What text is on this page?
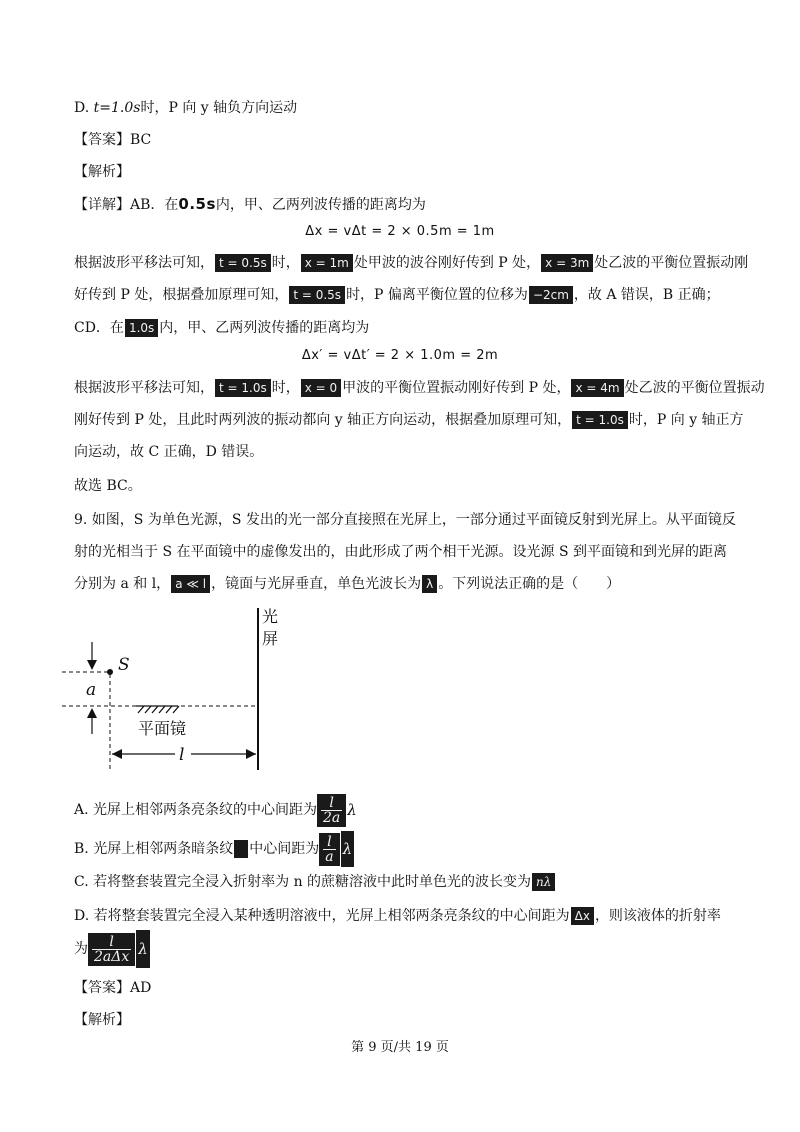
D. t=1.0s时，P 向 y 轴负方向运动
【答案】BC
【解析】
【详解】AB．在0.5s内，甲、乙两列波传播的距离均为
Δx = vΔt = 2 × 0.5m = 1m
根据波形平移法可知， t = 0.5s 时， x = 1m 处甲波的波谷刚好传到 P 处， x = 3m 处乙波的平衡位置振动刚
好传到 P 处，根据叠加原理可知， t = 0.5s 时，P 偏离平衡位置的位移为 −2cm ，故 A 错误，B 正确；
CD．在 1.0s 内，甲、乙两列波传播的距离均为
Δx′ = vΔt′ = 2 × 1.0m = 2m
根据波形平移法可知， t = 1.0s 时， x = 0 甲波的平衡位置振动刚好传到 P 处， x = 4m 处乙波的平衡位置振动
刚好传到 P 处，且此时两列波的振动都向 y 轴正方向运动，根据叠加原理可知， t = 1.0s 时，P 向 y 轴正方
向运动，故 C 正确，D 错误。
故选 BC。
9. 如图，S 为单色光源，S 发出的光一部分直接照在光屏上，一部分通过平面镜反射到光屏上。从平面镜反
射的光相当于 S 在平面镜中的虚像发出的，由此形成了两个相干光源。设光源 S 到平面镜和到光屏的距离
分别为 a 和 l， a ≪ l ，镜面与光屏垂直，单色光波长为 λ 。下列说法正确的是（　　）
光
屏
S
a
平面镜
l
A. 光屏上相邻两条亮条纹的中心间距为 $\frac{l}{2a}$ λ
B. 光屏上相邻两条暗条纹 中心间距为 $\frac{l}{a}$ λ
C. 若将整套装置完全浸入折射率为 n 的蔗糖溶液中此时单色光的波长变为 nλ
D. 若将整套装置完全浸入某种透明溶液中，光屏上相邻两条亮条纹的中心间距为 Δx ，则该液体的折射率
为 $\frac{l}{\text{2aΔx}}$ λ
【答案】AD
【解析】
第 9 页/共 19 页
